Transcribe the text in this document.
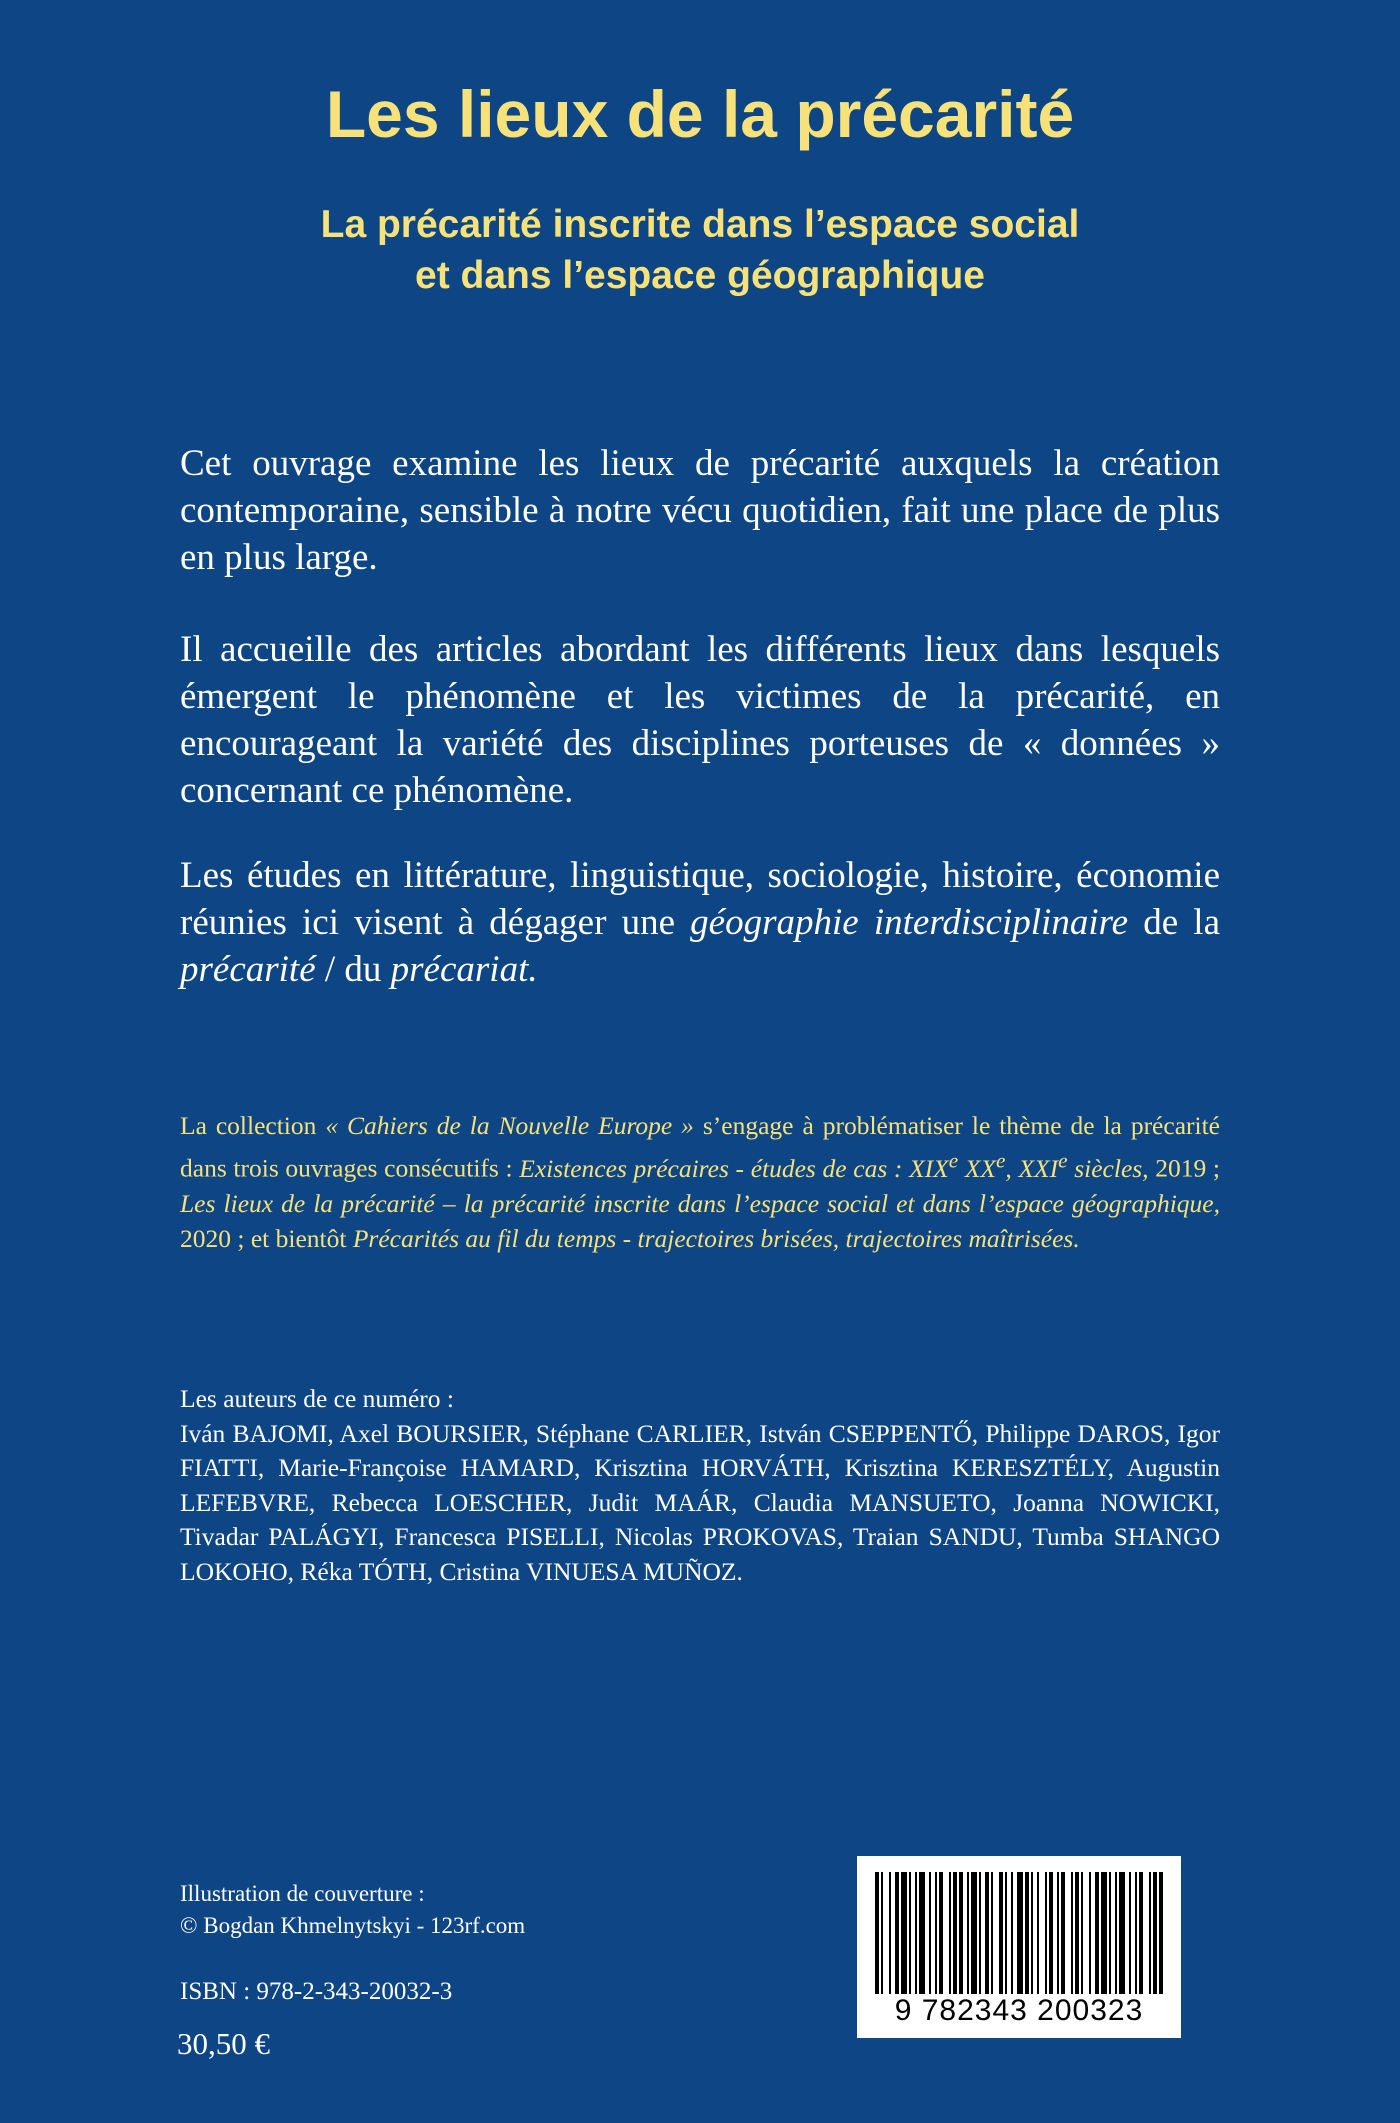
Les lieux de la précarité
La précarité inscrite dans l’espace social
et dans l’espace géographique

Cet ouvrage examine les lieux de précarité auxquels la création contemporaine, sensible à notre vécu quotidien, fait une place de plus en plus large.

Il accueille des articles abordant les différents lieux dans lesquels émergent le phénomène et les victimes de la précarité, en encourageant la variété des disciplines porteuses de « données » concernant ce phénomène.

Les études en littérature, linguistique, sociologie, histoire, économie réunies ici visent à dégager une géographie interdisciplinaire de la précarité / du précariat.

La collection « Cahiers de la Nouvelle Europe » s’engage à problématiser le thème de la précarité dans trois ouvrages consécutifs : Existences précaires - études de cas : XIXe XXe, XXIe siècles, 2019 ; Les lieux de la précarité – la précarité inscrite dans l’espace social et dans l’espace géographique, 2020 ; et bientôt Précarités au fil du temps - trajectoires brisées, trajectoires maîtrisées.

Les auteurs de ce numéro :
Iván BAJOMI, Axel BOURSIER, Stéphane CARLIER, István CSEPPENTŐ, Philippe DAROS, Igor FIATTI, Marie-Françoise HAMARD, Krisztina HORVÁTH, Krisztina KERESZTÉLY, Augustin LEFEBVRE, Rebecca LOESCHER, Judit MAÁR, Claudia MANSUETO, Joanna NOWICKI, Tivadar PALÁGYI, Francesca PISELLI, Nicolas PROKOVAS, Traian SANDU, Tumba SHANGO LOKOHO, Réka TÓTH, Cristina VINUESA MUÑOZ.
Illustration de couverture :
© Bogdan Khmelnytskyi - 123rf.com
ISBN : 978-2-343-20032-3
30,50 €
9 782343 200323
